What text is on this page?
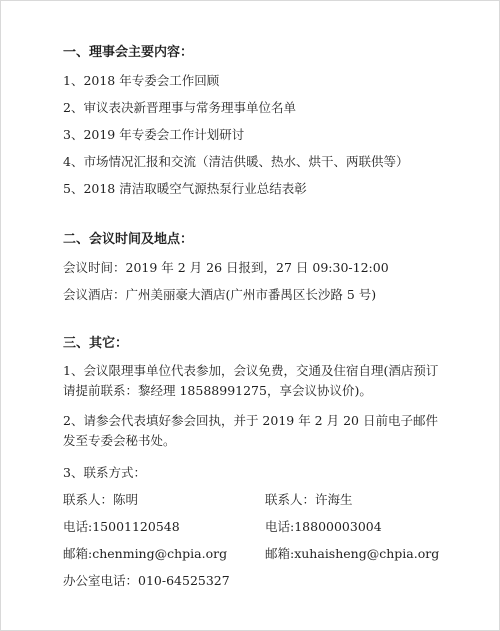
一、理事会主要内容：
1、2018 年专委会工作回顾
2、审议表决新晋理事与常务理事单位名单
3、2019 年专委会工作计划研讨
4、市场情况汇报和交流（清洁供暖、热水、烘干、两联供等）
5、2018 清洁取暖空气源热泵行业总结表彰
二、会议时间及地点：
会议时间：2019 年 2 月 26 日报到，27 日 09:30-12:00
会议酒店：广州美丽豪大酒店(广州市番禺区长沙路 5 号)
三、其它：
1、会议限理事单位代表参加，会议免费，交通及住宿自理(酒店预订请提前联系：黎经理 18588991275，享会议协议价)。
2、请参会代表填好参会回执，并于 2019 年 2 月 20 日前电子邮件发至专委会秘书处。
3、联系方式：
联系人：陈明	联系人：许海生
电话:15001120548	电话:18800003004
邮箱:chenming@chpia.org	邮箱:xuhaisheng@chpia.org
办公室电话：010-64525327
